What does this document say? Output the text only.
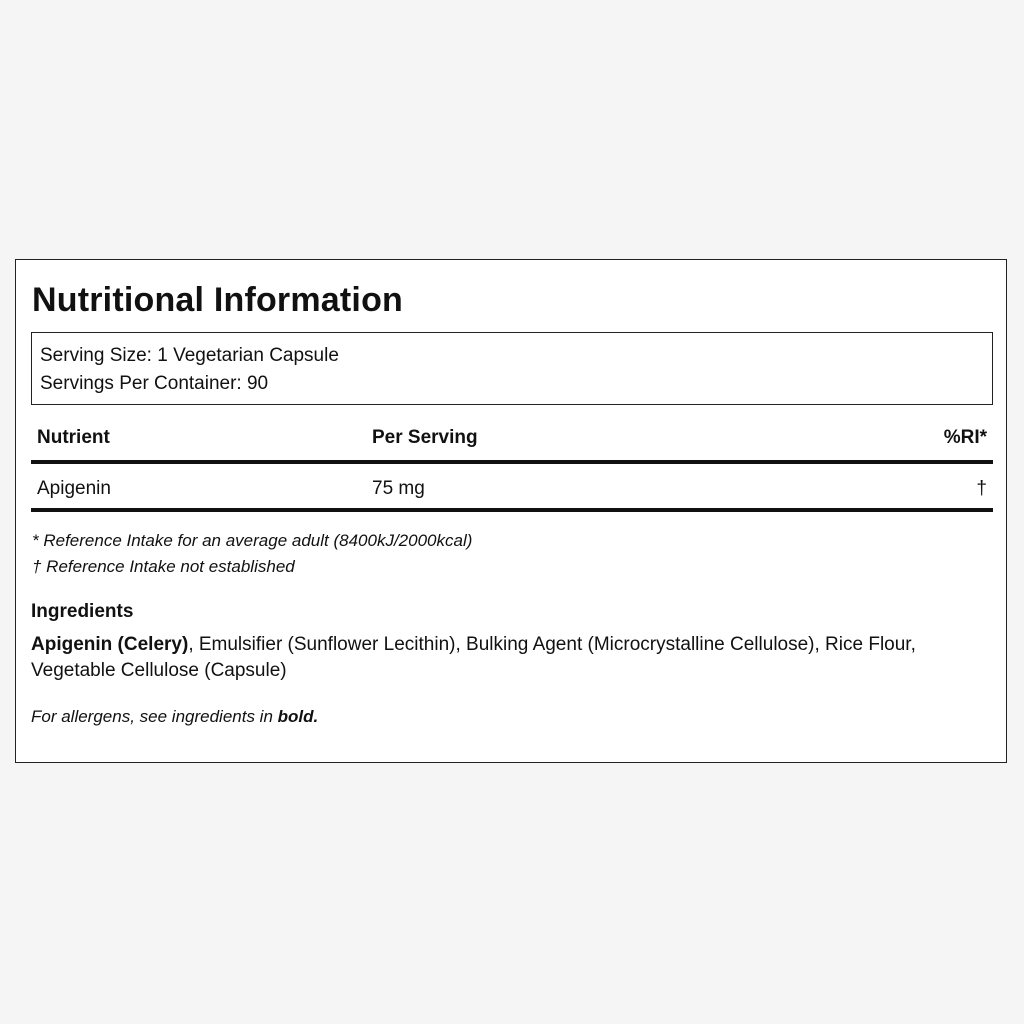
Nutritional Information
Serving Size: 1 Vegetarian Capsule
Servings Per Container: 90
Nutrient	Per Serving	%RI*
Apigenin	75 mg	†
* Reference Intake for an average adult (8400kJ/2000kcal)
† Reference Intake not established
Ingredients
Apigenin (Celery), Emulsifier (Sunflower Lecithin), Bulking Agent (Microcrystalline Cellulose), Rice Flour, Vegetable Cellulose (Capsule)
For allergens, see ingredients in bold.
